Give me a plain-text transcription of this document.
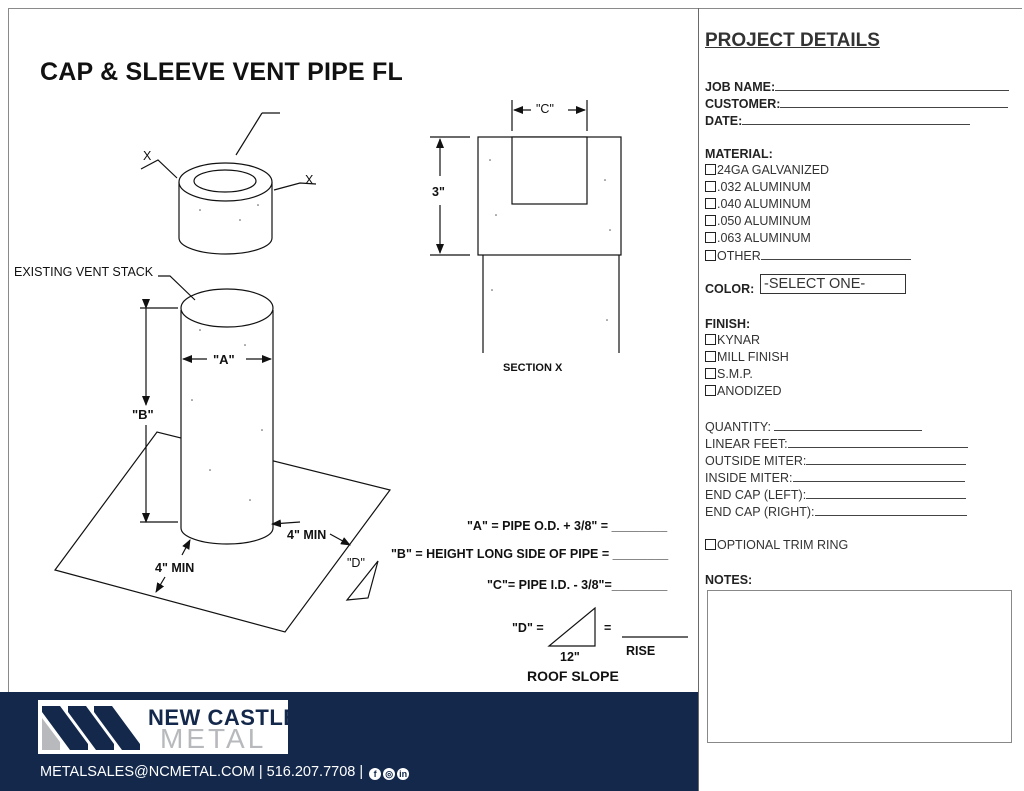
X
X
EXISTING VENT STACK
"A"
"B"
4" MIN
4" MIN	"D"
"C"
3"
SECTION X
"A" = PIPE O.D. + 3/8" = ________
"B" = HEIGHT LONG SIDE OF PIPE = ________
"C"= PIPE I.D. - 3/8"=________
"D" =	=
12"	RISE
ROOF SLOPE
CAP & SLEEVE VENT PIPE FL
NEW CASTLE
METAL
METALSALES@NCMETAL.COM | 516.207.7708 | f ◎ in
PROJECT DETAILS
JOB NAME:
CUSTOMER:
DATE:
MATERIAL:
24GA GALVANIZED
.032 ALUMINUM
.040 ALUMINUM
.050 ALUMINUM
.063 ALUMINUM
OTHER
COLOR: -SELECT ONE-
FINISH:
KYNAR
MILL FINISH
S.M.P.
ANODIZED
QUANTITY:
LINEAR FEET:
OUTSIDE MITER:
INSIDE MITER:
END CAP (LEFT):
END CAP (RIGHT):
OPTIONAL TRIM RING
NOTES:
